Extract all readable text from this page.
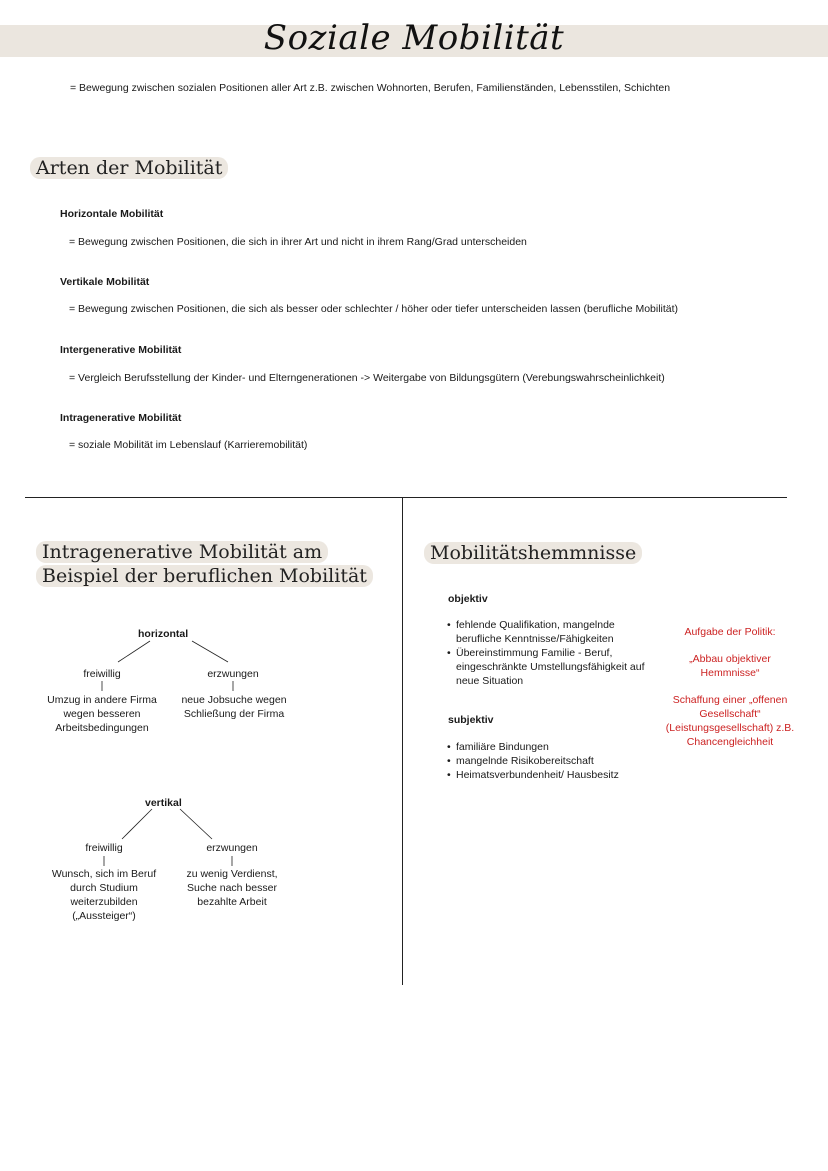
Soziale Mobilität
= Bewegung zwischen sozialen Positionen aller Art z.B. zwischen Wohnorten, Berufen, Familienständen, Lebensstilen, Schichten
Arten der Mobilität
Horizontale Mobilität
= Bewegung zwischen Positionen, die sich in ihrer Art und nicht in ihrem Rang/Grad unterscheiden
Vertikale Mobilität
= Bewegung zwischen Positionen, die sich als besser oder schlechter / höher oder tiefer unterscheiden lassen (berufliche Mobilität)
Intergenerative Mobilität
= Vergleich Berufsstellung der Kinder- und Elterngenerationen -> Weitergabe von Bildungsgütern (Verebungswahrscheinlichkeit)
Intragenerative Mobilität
= soziale Mobilität im Lebenslauf (Karrieremobilität)
Intragenerative Mobilität am
Beispiel der beruflichen Mobilität
horizontal
freiwillig	erzwungen
Umzug in andere Firma wegen besseren Arbeitsbedingungen
neue Jobsuche wegen Schließung der Firma
vertikal
freiwillig	erzwungen
Wunsch, sich im Beruf durch Studium weiterzubilden („Aussteiger“)
zu wenig Verdienst, Suche nach besser bezahlte Arbeit
Mobilitätshemmnisse
objektiv
• fehlende Qualifikation, mangelnde berufliche Kenntnisse/Fähigkeiten
• Übereinstimmung Familie - Beruf, eingeschränkte Umstellungsfähigkeit auf neue Situation
subjektiv
• familiäre Bindungen
• mangelnde Risikobereitschaft
• Heimatsverbundenheit/ Hausbesitz
Aufgabe der Politik:
„Abbau objektiver Hemmnisse“
Schaffung einer „offenen Gesellschaft“ (Leistungsgesellschaft) z.B. Chancengleichheit
